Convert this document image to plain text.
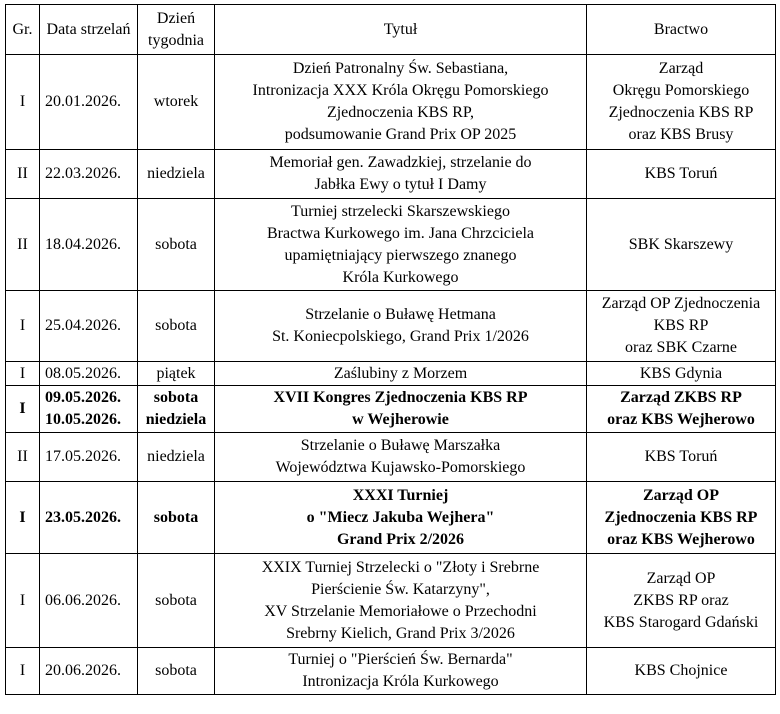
Gr.	Data strzelań	Dzień tygodnia	Tytuł	Bractwo
I	20.01.2026.	wtorek	Dzień Patronalny Św. Sebastiana,
Intronizacja XXX Króla Okręgu Pomorskiego
Zjednoczenia KBS RP,
podsumowanie Grand Prix OP 2025	Zarząd
Okręgu Pomorskiego
Zjednoczenia KBS RP
oraz KBS Brusy

II	22.03.2026.	niedziela	Memoriał gen. Zawadzkiej, strzelanie do
Jabłka Ewy o tytuł I Damy	KBS Toruń

II	18.04.2026.	sobota	Turniej strzelecki Skarszewskiego
Bractwa Kurkowego im. Jana Chrzciciela
upamiętniający pierwszego znanego
Króla Kurkowego	SBK Skarszewy

I	25.04.2026.	sobota	Strzelanie o Buławę Hetmana
St. Koniecpolskiego, Grand Prix 1/2026	Zarząd OP Zjednoczenia
KBS RP
oraz SBK Czarne

I	08.05.2026.	piątek	Zaślubiny z Morzem	KBS Gdynia

I	09.05.2026.
10.05.2026.	sobota
niedziela	XVII Kongres Zjednoczenia KBS RP
w Wejherowie	Zarząd ZKBS RP
oraz KBS Wejherowo

II	17.05.2026.	niedziela	Strzelanie o Buławę Marszałka
Województwa Kujawsko-Pomorskiego	KBS Toruń

I	23.05.2026.	sobota	XXXI Turniej
o "Miecz Jakuba Wejhera"
Grand Prix 2/2026	Zarząd OP
Zjednoczenia KBS RP
oraz KBS Wejherowo

I	06.06.2026.	sobota	XXIX Turniej Strzelecki o "Złoty i Srebrne
Pierścienie Św. Katarzyny",
XV Strzelanie Memoriałowe o Przechodni
Srebrny Kielich, Grand Prix 3/2026	Zarząd OP
ZKBS RP oraz
KBS Starogard Gdański

I	20.06.2026.	sobota	Turniej o "Pierścień Św. Bernarda"
Intronizacja Króla Kurkowego	KBS Chojnice
